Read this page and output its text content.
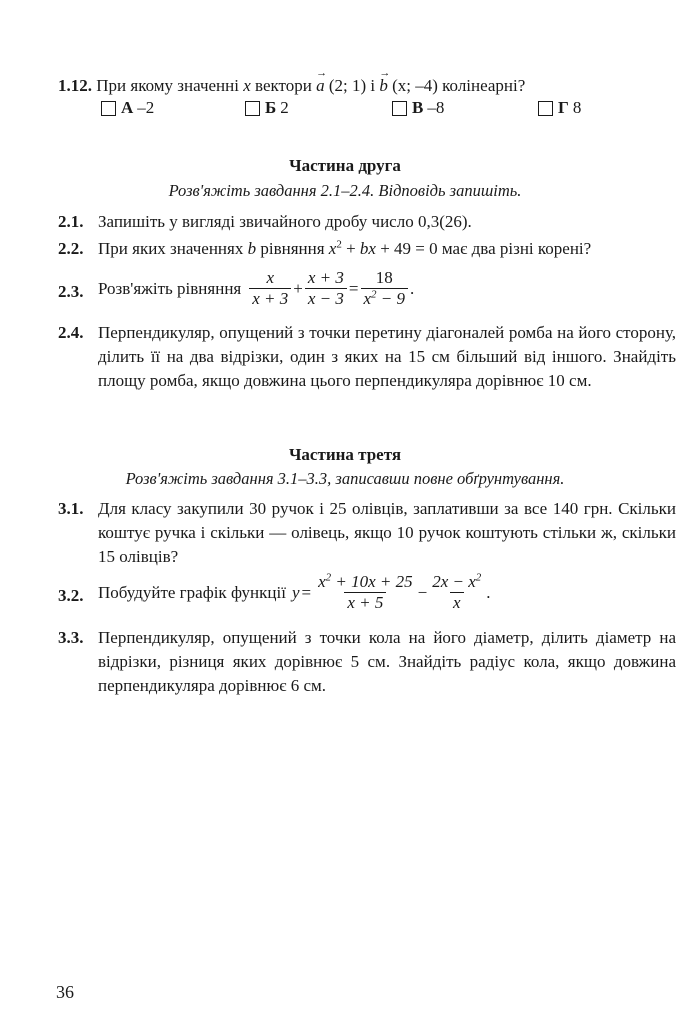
1.12. При якому значенні x вектори → a (2; 1) і → b (x; –4) колінеарні?
А –2	Б 2	В –8	Г 8
Частина друга
Розв'яжіть завдання 2.1–2.4. Відповідь запишіть.
2.1. Запишіть у вигляді звичайного дробу число 0,3(26).
2.2. При яких значеннях b рівняння $x^2$ + bx + 49 = 0 має два різні корені?
2.3. Розв'яжіть рівняння $\frac{x}{x + 3} + \frac{x + 3}{x - 3} = \frac{18}{x^2 - 9}$ .
2.4. Перпендикуляр, опущений з точки перетину діагоналей ромба на його сторону, ділить її на два відрізки, один з яких на 15 см більший від іншого. Знайдіть площу ромба, якщо довжина цього перпендикуляра дорівнює 10 см.
Частина третя
Розв'яжіть завдання 3.1–3.3, записавши повне обґрунтування.
3.1. Для класу закупили 30 ручок і 25 олівців, заплативши за все 140 грн. Скільки коштує ручка і скільки — олівець, якщо 10 ручок коштують стільки ж, скільки 15 олівців?
3.2. Побудуйте графік функції $y = \frac{x^2 + 10x + 25}{x + 5} - \frac{2x - x^2}{x}$ .
3.3. Перпендикуляр, опущений з точки кола на його діаметр, ділить діаметр на відрізки, різниця яких дорівнює 5 см. Знайдіть радіус кола, якщо довжина перпендикуляра дорівнює 6 см.
36
